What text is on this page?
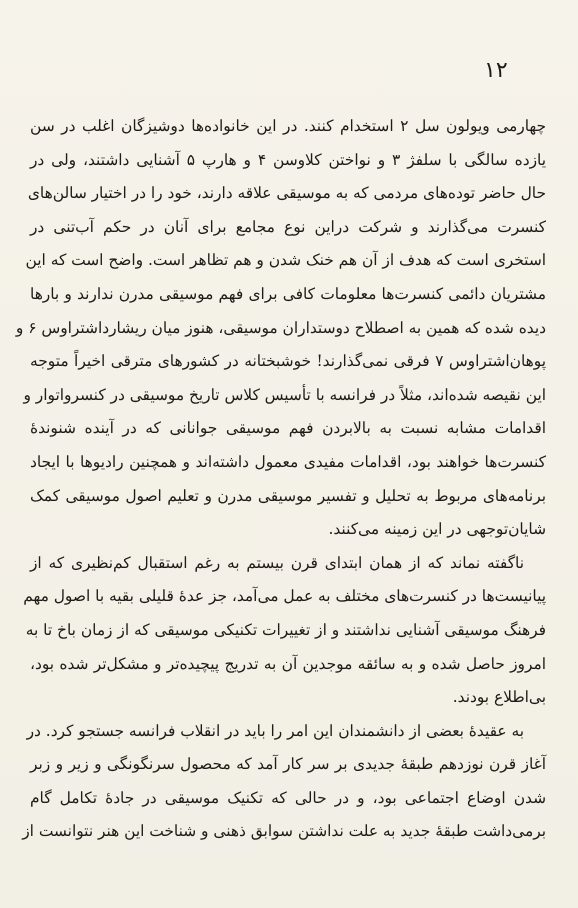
۱۲
چهارمی ویولون سل ۲ استخدام کنند. در این خانواده‌ها دوشیزگان اغلب در سن
یازده سالگی با سلفژ ۳ و نواختن کلاوسن ۴ و هارپ ۵ آشنایی داشتند، ولی در
حال حاضر توده‌های مردمی که به موسیقی علاقه دارند، خود را در اختیار سالن‌های
کنسرت می‌گذارند و شرکت دراین نوع مجامع برای آنان در حکم آب‌تنی در
استخری است که هدف از آن هم خنک شدن و هم تظاهر است. واضح است که این
مشتریان دائمی کنسرت‌ها معلومات کافی برای فهم موسیقی مدرن ندارند و بارها
دیده شده که همین به اصطلاح دوستداران موسیقی، هنوز میان ریشارداشتراوس ۶ و
پوهان‌اشتراوس ۷ فرقی نمی‌گذارند! خوشبختانه در کشورهای مترقی اخیراً متوجه
این نقیصه شده‌اند، مثلاً در فرانسه با تأسیس کلاس تاریخ موسیقی در کنسرواتوار و
اقدامات مشابه نسبت به بالابردن فهم موسیقی جوانانی که در آینده شنوندهٔ
کنسرت‌ها خواهند بود، اقدامات مفیدی معمول داشته‌اند و همچنین رادیوها با ایجاد
برنامه‌های مربوط به تحلیل و تفسیر موسیقی مدرن و تعلیم اصول موسیقی کمک
شایان‌توجهی در این زمینه می‌کنند.
ناگفته نماند که از همان ابتدای قرن بیستم به رغم استقبال کم‌نظیری که از
پیانیست‌ها در کنسرت‌های مختلف به عمل می‌آمد، جز عدهٔ قلیلی بقیه با اصول مهم
فرهنگ موسیقی آشنایی نداشتند و از تغییرات تکنیکی موسیقی که از زمان باخ تا به
امروز حاصل شده و به سائقه موجدین آن به تدریج پیچیده‌تر و مشکل‌تر شده بود،
بی‌اطلاع بودند.
به عقیدهٔ بعضی از دانشمندان این امر را باید در انقلاب فرانسه جستجو کرد. در
آغاز قرن نوزدهم طبقهٔ جدیدی بر سر کار آمد که محصول سرنگونگی و زیر و زبر
شدن اوضاع اجتماعی بود، و در حالی که تکنیک موسیقی در جادهٔ تکامل گام
برمی‌داشت طبقهٔ جدید به علت نداشتن سوابق ذهنی و شناخت این هنر نتوانست از
